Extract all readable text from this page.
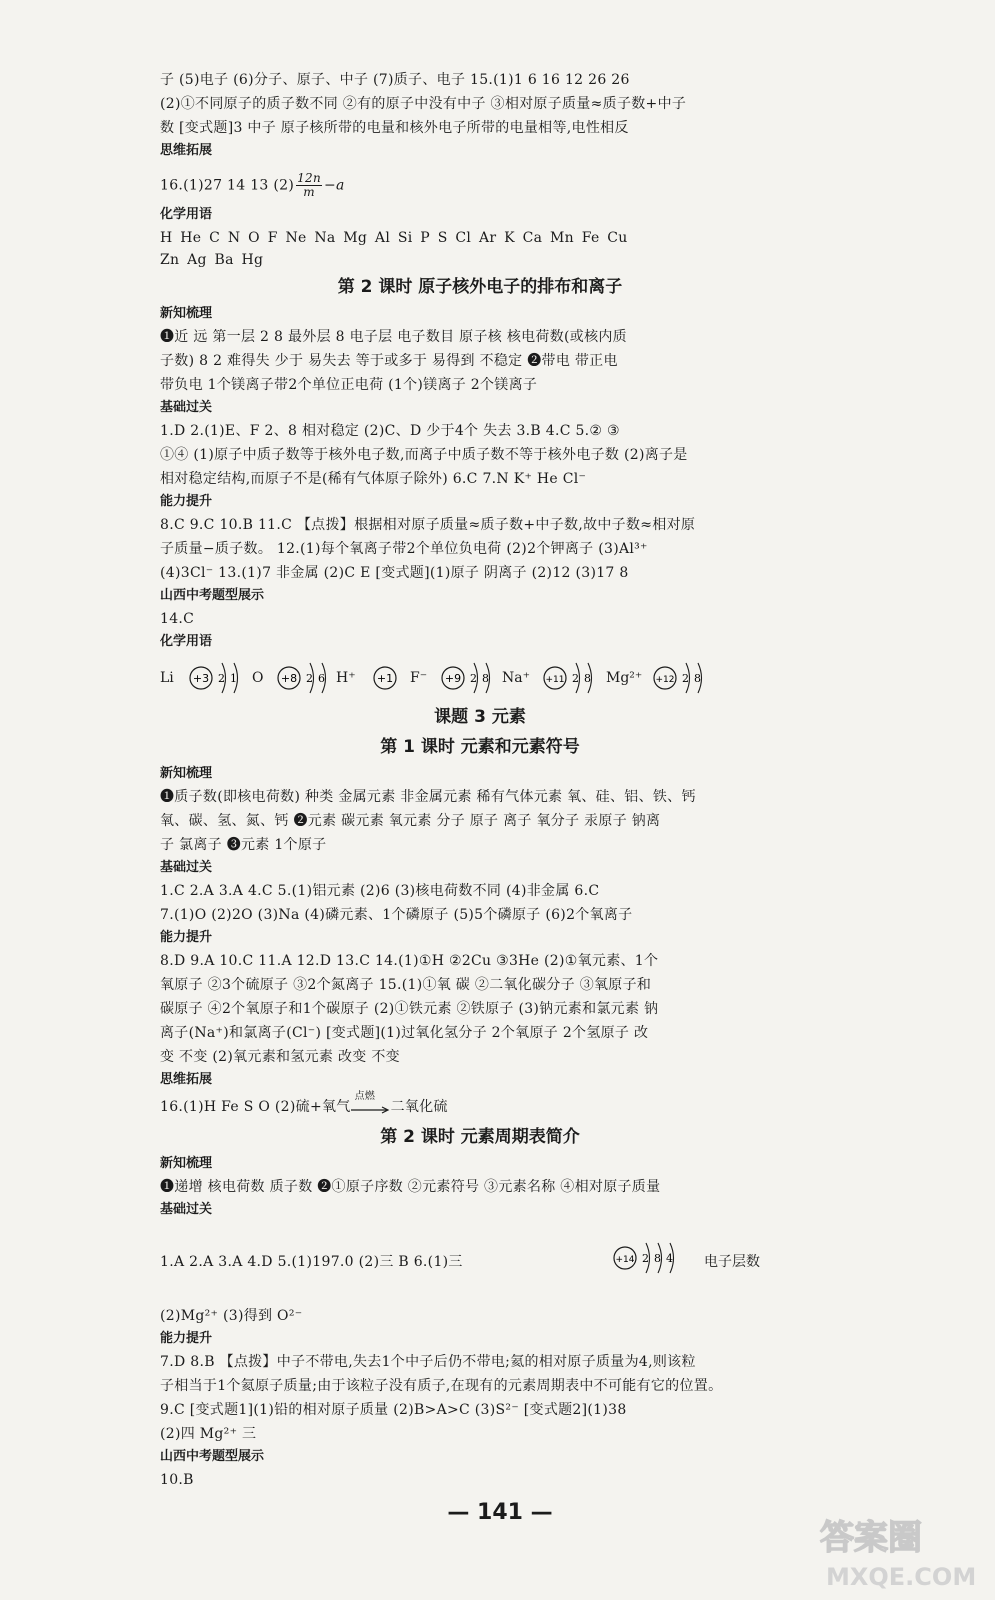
子 (5)电子 (6)分子、原子、中子 (7)质子、电子 15.(1)1 6 16 12 26 26
(2)①不同原子的质子数不同 ②有的原子中没有中子 ③相对原子质量≈质子数+中子
数 [变式题]3 中子 原子核所带的电量和核外电子所带的电量相等,电性相反
思维拓展
16.(1)27 14 13 $(2) \frac{12n}{m} -a$
化学用语
H He C N O F Ne Na Mg Al Si P S Cl Ar K Ca Mn Fe Cu
Zn Ag Ba Hg
第 2 课时 原子核外电子的排布和离子
新知梳理
❶近 远 第一层 2 8 最外层 8 电子层 电子数目 原子核 核电荷数(或核内质
子数) 8 2 难得失 少于 易失去 等于或多于 易得到 不稳定 ❷带电 带正电
带负电 1个镁离子带2个单位正电荷 (1个)镁离子 2个镁离子
基础过关
1.D 2.(1)E、F 2、8 相对稳定 (2)C、D 少于4个 失去 3.B 4.C 5.② ③
①④ (1)原子中质子数等于核外电子数,而离子中质子数不等于核外电子数 (2)离子是
相对稳定结构,而原子不是(稀有气体原子除外) 6.C 7.N K⁺ He Cl⁻
能力提升
8.C 9.C 10.B 11.C 【点拨】根据相对原子质量≈质子数+中子数,故中子数≈相对原
子质量−质子数。 12.(1)每个氧离子带2个单位负电荷 (2)2个钾离子 (3)Al³⁺
(4)3Cl⁻ 13.(1)7 非金属 (2)C E [变式题](1)原子 阴离子 (2)12 (3)17 8
山西中考题型展示
14.C
化学用语
Li +3 2 1 O +8 2 6 H⁺ +1 F⁻ +9 2 8 Na⁺ +11 2 8 Mg²⁺ +12 2 8
课题 3 元素
第 1 课时 元素和元素符号
新知梳理
❶质子数(即核电荷数) 种类 金属元素 非金属元素 稀有气体元素 氧、硅、铝、铁、钙
氧、碳、氢、氮、钙 ❷元素 碳元素 氧元素 分子 原子 离子 氧分子 汞原子 钠离
子 氯离子 ❸元素 1个原子
基础过关
1.C 2.A 3.A 4.C 5.(1)铝元素 (2)6 (3)核电荷数不同 (4)非金属 6.C
7.(1)O (2)2O (3)Na (4)磷元素、1个磷原子 (5)5个磷原子 (6)2个氧离子
能力提升
8.D 9.A 10.C 11.A 12.D 13.C 14.(1)①H ②2Cu ③3He (2)①氧元素、1个
氧原子 ②3个硫原子 ③2个氮离子 15.(1)①氧 碳 ②二氧化碳分子 ③氧原子和
碳原子 ④2个氧原子和1个碳原子 (2)①铁元素 ②铁原子 (3)钠元素和氯元素 钠
离子(Na⁺)和氯离子(Cl⁻) [变式题](1)过氧化氢分子 2个氧原子 2个氢原子 改
变 不变 (2)氧元素和氢元素 改变 不变
思维拓展
16.(1)H Fe S O (2)硫+氧气
点燃
二氧化硫
第 2 课时 元素周期表简介
新知梳理
❶递增 核电荷数 质子数 ❷①原子序数 ②元素符号 ③元素名称 ④相对原子质量
基础过关
1.A 2.A 3.A 4.D 5.(1)197.0 (2)三 B 6.(1)三	+14 2 8 4 电子层数
(2)Mg²⁺ (3)得到 O²⁻
能力提升
7.D 8.B 【点拨】中子不带电,失去1个中子后仍不带电;氦的相对原子质量为4,则该粒
子相当于1个氦原子质量;由于该粒子没有质子,在现有的元素周期表中不可能有它的位置。
9.C [变式题1](1)铅的相对原子质量 (2)B>A>C (3)S²⁻ [变式题2](1)38
(2)四 Mg²⁺ 三
山西中考题型展示
10.B
— 141 —
答案圈
MXQE.COM
